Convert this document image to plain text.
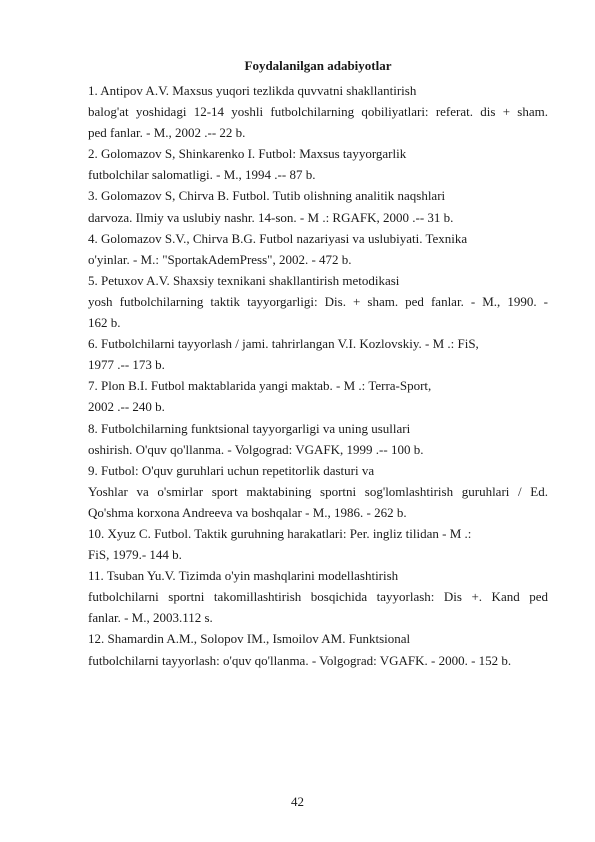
Foydalanilgan adabiyotlar
1. Antipov A.V. Maxsus yuqori tezlikda quvvatni shakllantirish
balog'at yoshidagi 12-14 yoshli futbolchilarning qobiliyatlari: referat. dis + sham.
ped fanlar. - M., 2002 .-- 22 b.
2. Golomazov S, Shinkarenko I. Futbol: Maxsus tayyorgarlik
futbolchilar salomatligi. - M., 1994 .-- 87 b.
3. Golomazov S, Chirva B. Futbol. Tutib olishning analitik naqshlari
darvoza. Ilmiy va uslubiy nashr. 14-son. - M .: RGAFK, 2000 .-- 31 b.
4. Golomazov S.V., Chirva B.G. Futbol nazariyasi va uslubiyati. Texnika
o'yinlar. - M.: "SportakAdemPress", 2002. - 472 b.
5. Petuxov A.V. Shaxsiy texnikani shakllantirish metodikasi
yosh futbolchilarning taktik tayyorgarligi: Dis. + sham. ped fanlar. - M., 1990. -
162 b.
6. Futbolchilarni tayyorlash / jami. tahrirlangan V.I. Kozlovskiy. - M .: FiS,
1977 .-- 173 b.
7. Plon B.I. Futbol maktablarida yangi maktab. - M .: Terra-Sport,
2002 .-- 240 b.
8. Futbolchilarning funktsional tayyorgarligi va uning usullari
oshirish. O'quv qo'llanma. - Volgograd: VGAFK, 1999 .-- 100 b.
9. Futbol: O'quv guruhlari uchun repetitorlik dasturi va
Yoshlar va o'smirlar sport maktabining sportni sog'lomlashtirish guruhlari / Ed.
Qo'shma korxona Andreeva va boshqalar - M., 1986. - 262 b.
10. Xyuz C. Futbol. Taktik guruhning harakatlari: Per. ingliz tilidan - M .:
FiS, 1979.- 144 b.
11. Tsuban Yu.V. Tizimda o'yin mashqlarini modellashtirish
futbolchilarni sportni takomillashtirish bosqichida tayyorlash: Dis +. Kand ped
fanlar. - M., 2003.112 s.
12. Shamardin A.M., Solopov IM., Ismoilov AM. Funktsional
futbolchilarni tayyorlash: o'quv qo'llanma. - Volgograd: VGAFK. - 2000. - 152 b.
42
